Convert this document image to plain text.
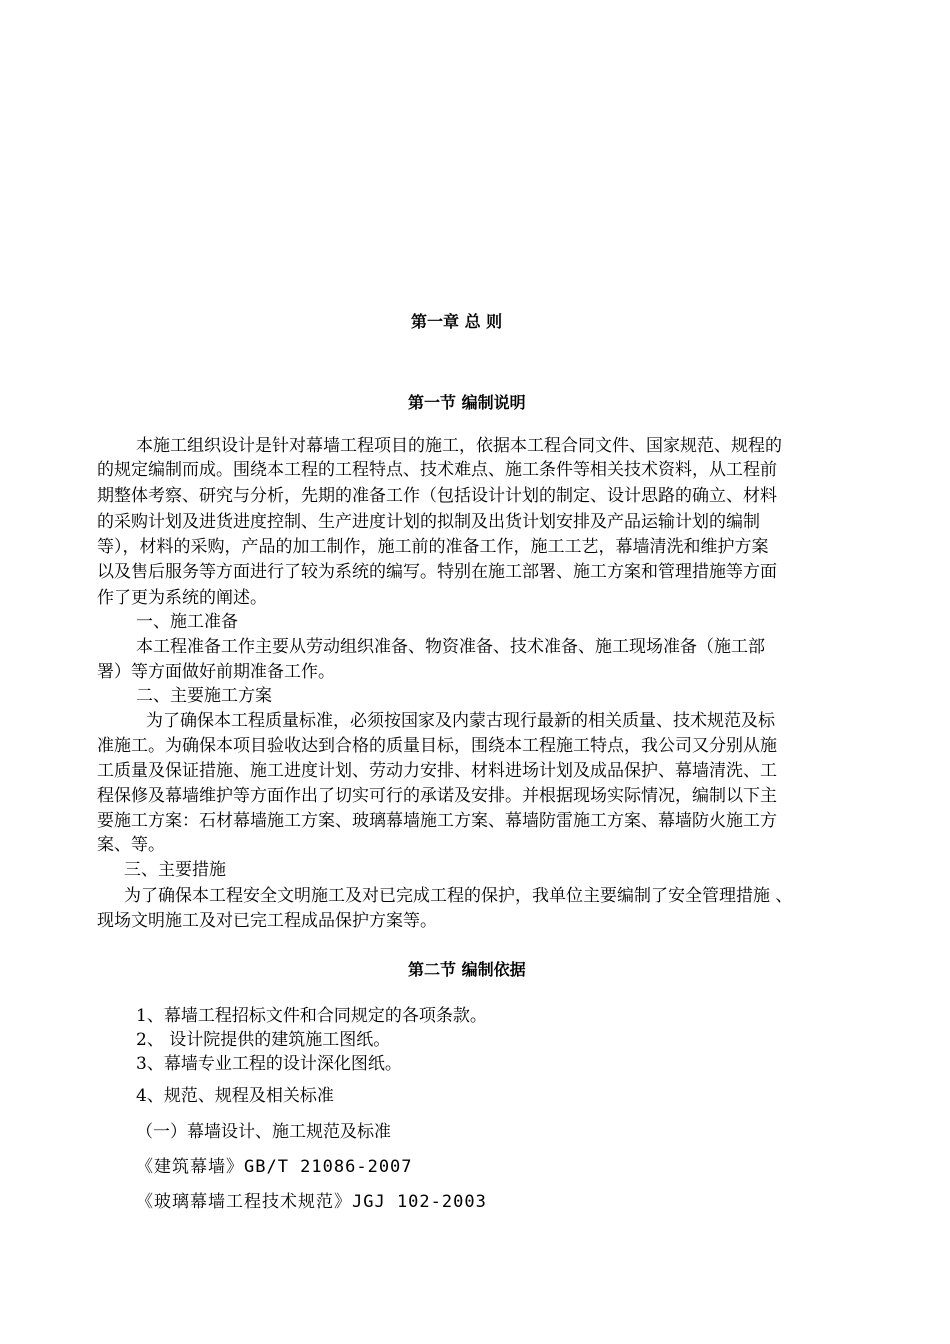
第一章 总 则
第一节 编制说明
本施工组织设计是针对幕墙工程项目的施工，依据本工程合同文件、国家规范、规程的
的规定编制而成。围绕本工程的工程特点、技术难点、施工条件等相关技术资料，从工程前
期整体考察、研究与分析，先期的准备工作（包括设计计划的制定、设计思路的确立、材料
的采购计划及进货进度控制、生产进度计划的拟制及出货计划安排及产品运输计划的编制
等），材料的采购，产品的加工制作，施工前的准备工作，施工工艺，幕墙清洗和维护方案
以及售后服务等方面进行了较为系统的编写。特别在施工部署、施工方案和管理措施等方面
作了更为系统的阐述。
一、施工准备
本工程准备工作主要从劳动组织准备、物资准备、技术准备、施工现场准备（施工部
署）等方面做好前期准备工作。
二、主要施工方案
为了确保本工程质量标准，必须按国家及内蒙古现行最新的相关质量、技术规范及标
准施工。为确保本项目验收达到合格的质量目标，围绕本工程施工特点，我公司又分别从施
工质量及保证措施、施工进度计划、劳动力安排、材料进场计划及成品保护、幕墙清洗、工
程保修及幕墙维护等方面作出了切实可行的承诺及安排。并根据现场实际情况，编制以下主
要施工方案：石材幕墙施工方案、玻璃幕墙施工方案、幕墙防雷施工方案、幕墙防火施工方
案、等。
三、主要措施
为了确保本工程安全文明施工及对已完成工程的保护，我单位主要编制了安全管理措施 、
现场文明施工及对已完工程成品保护方案等。
第二节 编制依据
1、幕墙工程招标文件和合同规定的各项条款。
2、 设计院提供的建筑施工图纸。
3、幕墙专业工程的设计深化图纸。
4、规范、规程及相关标准
（一）幕墙设计、施工规范及标准
《建筑幕墙》GB/T 21086-2007
《玻璃幕墙工程技术规范》JGJ 102-2003
